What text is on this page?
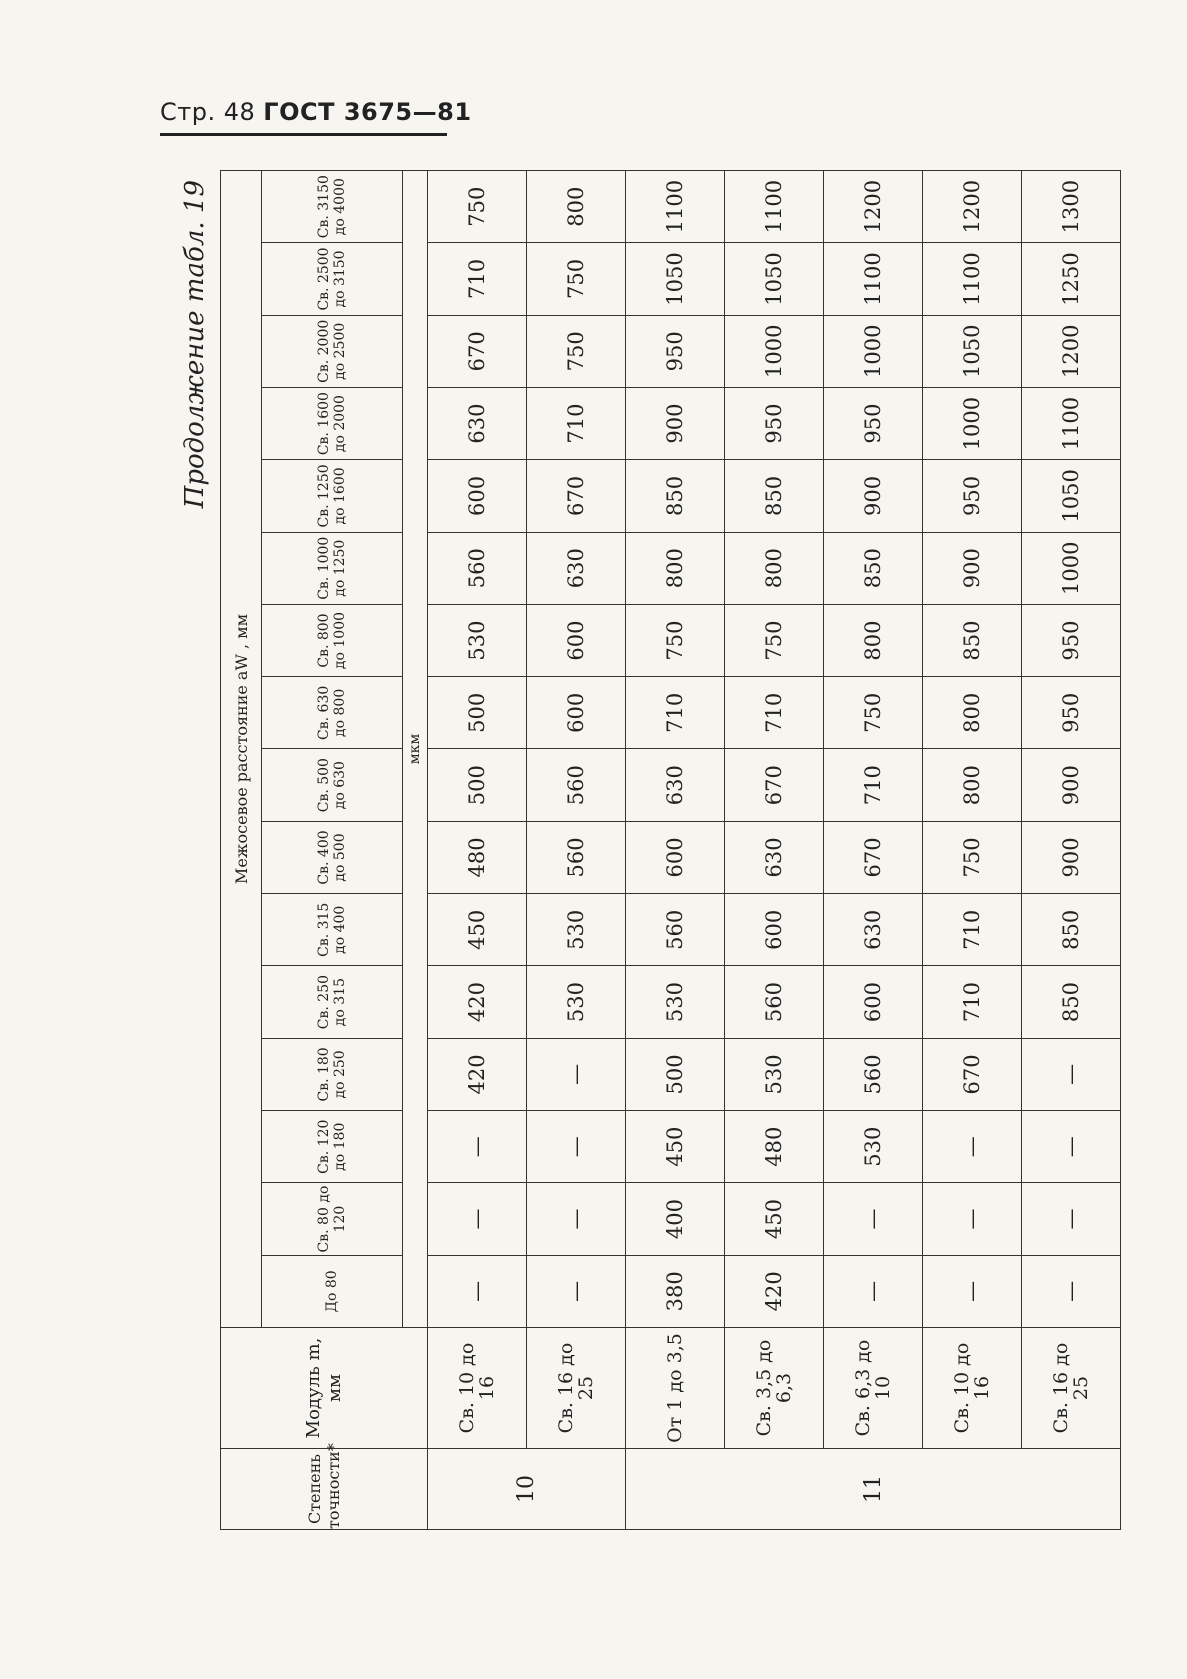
Стр. 48 ГОСТ 3675—81
Продолжение табл. 19
Степень точности*	Модуль m, мм	Межосевое расстояние aW , мм															
		До 80	Св. 80 до 120	Св. 120 до 180	Св. 180 до 250	Св. 250 до 315	Св. 315 до 400	Св. 400 до 500	Св. 500 до 630	Св. 630 до 800	Св. 800 до 1000	Св. 1000 до 1250	Св. 1250 до 1600	Св. 1600 до 2000	Св. 2000 до 2500	Св. 2500 до 3150	Св. 3150 до 4000
		мкм															
10	Св. 10 до 16	—	—	—	420	420	450	480	500	500	530	560	600	630	670	710	750
	Св. 16 до 25	—	—	—	—	530	530	560	560	600	600	630	670	710	750	750	800
11	От 1 до 3,5	380	400	450	500	530	560	600	630	710	750	800	850	900	950	1050	1100
	Св. 3,5 до 6,3	420	450	480	530	560	600	630	670	710	750	800	850	950	1000	1050	1100
	Св. 6,3 до 10	—	—	530	560	600	630	670	710	750	800	850	900	950	1000	1100	1200
	Св. 10 до 16	—	—	—	670	710	710	750	800	800	850	900	950	1000	1050	1100	1200
	Св. 16 до 25	—	—	—	—	850	850	900	900	950	950	1000	1050	1100	1200	1250	1300
